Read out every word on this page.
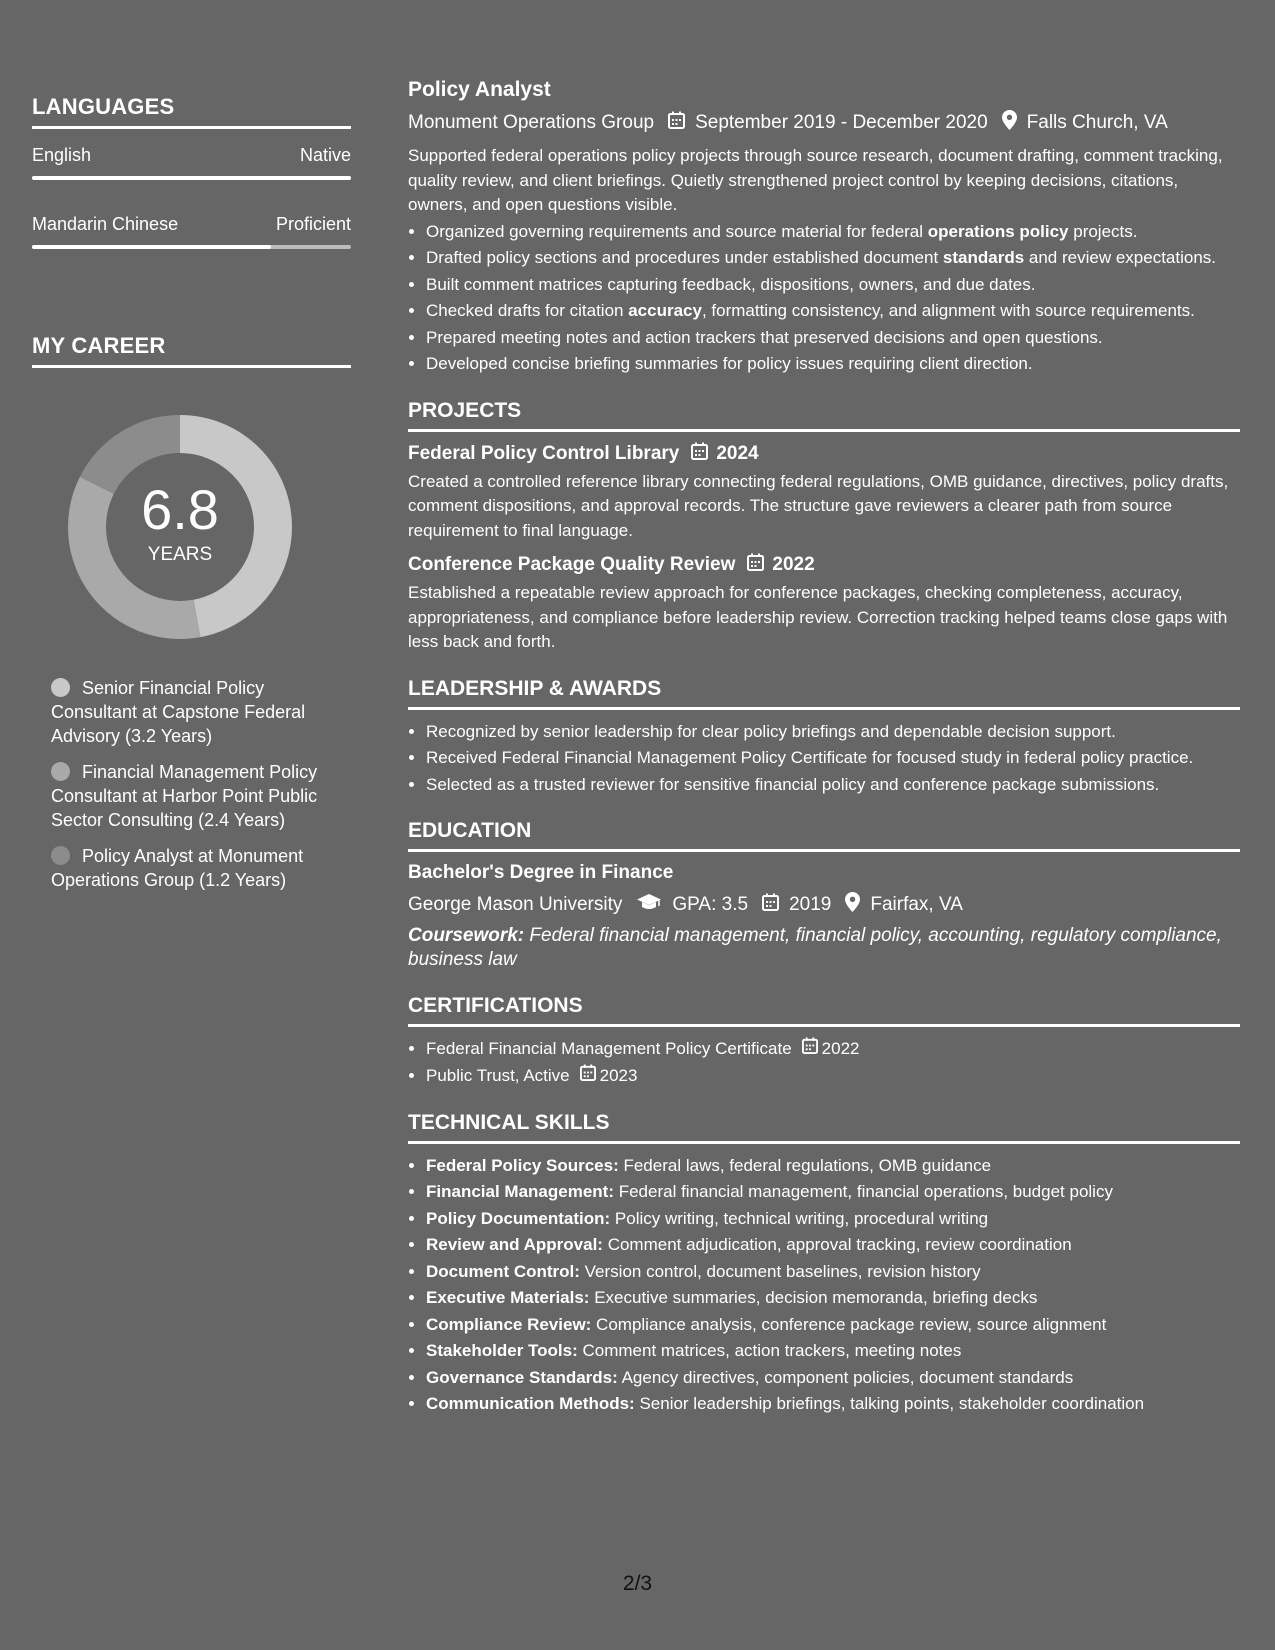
LANGUAGES
English	Native
Mandarin Chinese	Proficient
MY CAREER
6.8
YEARS
Senior Financial Policy Consultant at Capstone Federal Advisory (3.2 Years)
Financial Management Policy Consultant at Harbor Point Public Sector Consulting (2.4 Years)
Policy Analyst at Monument Operations Group (1.2 Years)
Policy Analyst
Monument Operations Group September 2019 - December 2020 Falls Church, VA

Supported federal operations policy projects through source research, document drafting, comment tracking, quality review, and client briefings. Quietly strengthened project control by keeping decisions, citations, owners, and open questions visible.

• Organized governing requirements and source material for federal operations policy projects.
• Drafted policy sections and procedures under established document standards and review expectations.
• Built comment matrices capturing feedback, dispositions, owners, and due dates.
• Checked drafts for citation accuracy, formatting consistency, and alignment with source requirements.
• Prepared meeting notes and action trackers that preserved decisions and open questions.
• Developed concise briefing summaries for policy issues requiring client direction.
PROJECTS
Federal Policy Control Library 2024

Created a controlled reference library connecting federal regulations, OMB guidance, directives, policy drafts, comment dispositions, and approval records. The structure gave reviewers a clearer path from source requirement to final language.

Conference Package Quality Review 2022

Established a repeatable review approach for conference packages, checking completeness, accuracy, appropriateness, and compliance before leadership review. Correction tracking helped teams close gaps with less back and forth.

LEADERSHIP & AWARDS
• Recognized by senior leadership for clear policy briefings and dependable decision support.
• Received Federal Financial Management Policy Certificate for focused study in federal policy practice.
• Selected as a trusted reviewer for sensitive financial policy and conference package submissions.
EDUCATION
Bachelor's Degree in Finance
George Mason University	GPA: 3.5 2019 Fairfax, VA
Coursework: Federal financial management, financial policy, accounting, regulatory compliance, business law
CERTIFICATIONS
• Federal Financial Management Policy Certificate 2022
• Public Trust, Active 2023
TECHNICAL SKILLS
• Federal Policy Sources: Federal laws, federal regulations, OMB guidance
• Financial Management: Federal financial management, financial operations, budget policy
• Policy Documentation: Policy writing, technical writing, procedural writing
• Review and Approval: Comment adjudication, approval tracking, review coordination
• Document Control: Version control, document baselines, revision history
• Executive Materials: Executive summaries, decision memoranda, briefing decks
• Compliance Review: Compliance analysis, conference package review, source alignment
• Stakeholder Tools: Comment matrices, action trackers, meeting notes
• Governance Standards: Agency directives, component policies, document standards
• Communication Methods: Senior leadership briefings, talking points, stakeholder coordination
2/3
